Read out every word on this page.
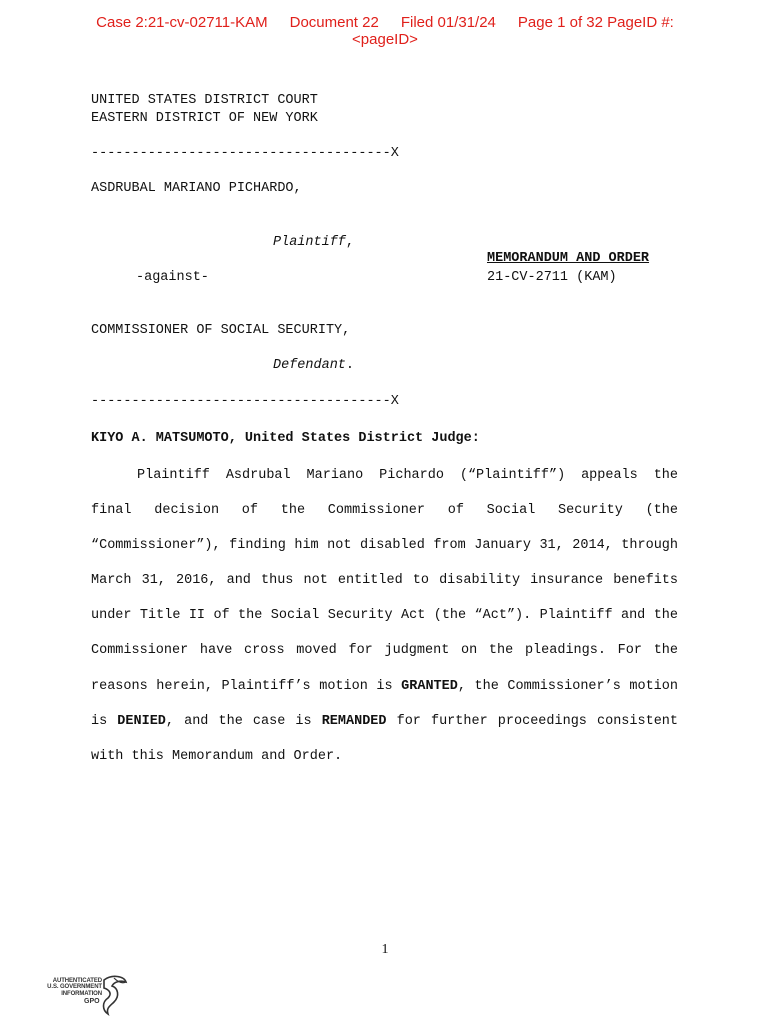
Case 2:21-cv-02711-KAM Document 22 Filed 01/31/24 Page 1 of 32 PageID #:
<pageID>
UNITED STATES DISTRICT COURT
EASTERN DISTRICT OF NEW YORK
-------------------------------------X
ASDRUBAL MARIANO PICHARDO,
Plaintiff,
MEMORANDUM AND ORDER
21-CV-2711 (KAM)
-against-
COMMISSIONER OF SOCIAL SECURITY,
Defendant.
-------------------------------------X
KIYO A. MATSUMOTO, United States District Judge:
Plaintiff Asdrubal Mariano Pichardo (“Plaintiff”) appeals the final decision of the Commissioner of Social Security (the “Commissioner”), finding him not disabled from January 31, 2014, through March 31, 2016, and thus not entitled to disability insurance benefits under Title II of the Social Security Act (the “Act”). Plaintiff and the Commissioner have cross moved for judgment on the pleadings. For the reasons herein, Plaintiff’s motion is GRANTED, the Commissioner’s motion is DENIED, and the case is REMANDED for further proceedings consistent with this Memorandum and Order.
1
AUTHENTICATED
U.S. GOVERNMENT
INFORMATION
GPO
